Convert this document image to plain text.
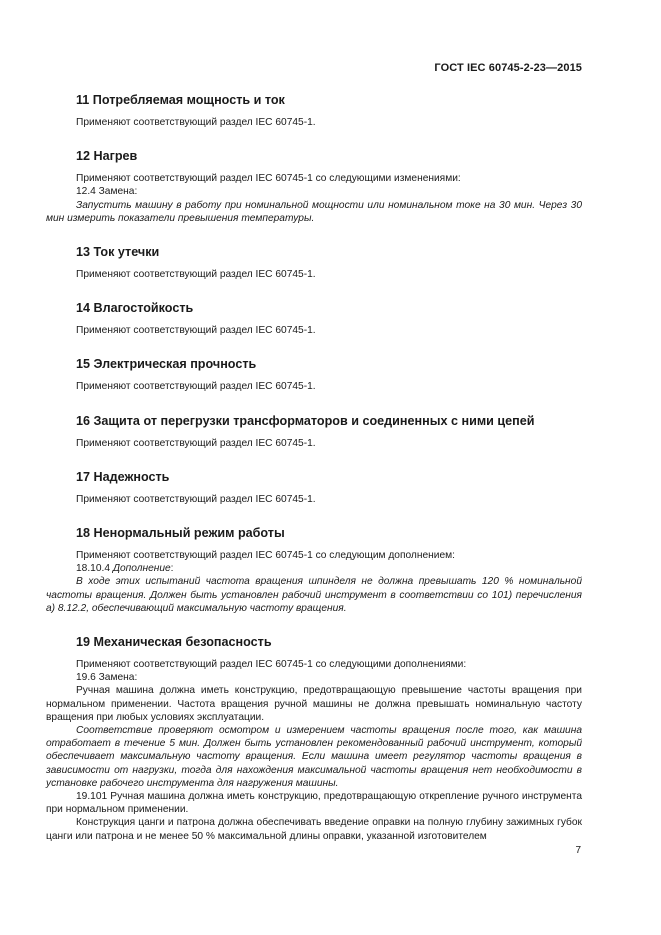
ГОСТ IEC 60745-2-23—2015
11 Потребляемая мощность и ток

Применяют соответствующий раздел IEC 60745-1.

12 Нагрев

Применяют соответствующий раздел IEC 60745-1 со следующими изменениями:

12.4 Замена:

Запустить машину в работу при номинальной мощности или номинальном токе на 30 мин. Через 30 мин измерить показатели превышения температуры.

13 Ток утечки

Применяют соответствующий раздел IEC 60745-1.

14 Влагостойкость

Применяют соответствующий раздел IEC 60745-1.

15 Электрическая прочность

Применяют соответствующий раздел IEC 60745-1.

16 Защита от перегрузки трансформаторов и соединенных с ними цепей

Применяют соответствующий раздел IEC 60745-1.

17 Надежность

Применяют соответствующий раздел IEC 60745-1.

18 Ненормальный режим работы

Применяют соответствующий раздел IEC 60745-1 со следующим дополнением:

18.10.4 Дополнение:

В ходе этих испытаний частота вращения шпинделя не должна превышать 120 % номинальной частоты вращения. Должен быть установлен рабочий инструмент в соответствии со 101) перечисления а) 8.12.2, обеспечивающий максимальную частоту вращения.

19 Механическая безопасность

Применяют соответствующий раздел IEC 60745-1 со следующими дополнениями:

19.6 Замена:

Ручная машина должна иметь конструкцию, предотвращающую превышение частоты вращения при нормальном применении. Частота вращения ручной машины не должна превышать номинальную частоту вращения при любых условиях эксплуатации.

Соответствие проверяют осмотром и измерением частоты вращения после того, как машина отработает в течение 5 мин. Должен быть установлен рекомендованный рабочий инструмент, который обеспечивает максимальную частоту вращения. Если машина имеет регулятор частоты вращения в зависимости от нагрузки, тогда для нахождения максимальной частоты вращения нет необходимости в установке рабочего инструмента для нагружения машины.

19.101 Ручная машина должна иметь конструкцию, предотвращающую открепление ручного инструмента при нормальном применении.

Конструкция цанги и патрона должна обеспечивать введение оправки на полную глубину зажимных губок цанги или патрона и не менее 50 % максимальной длины оправки, указанной изготовителем

7
